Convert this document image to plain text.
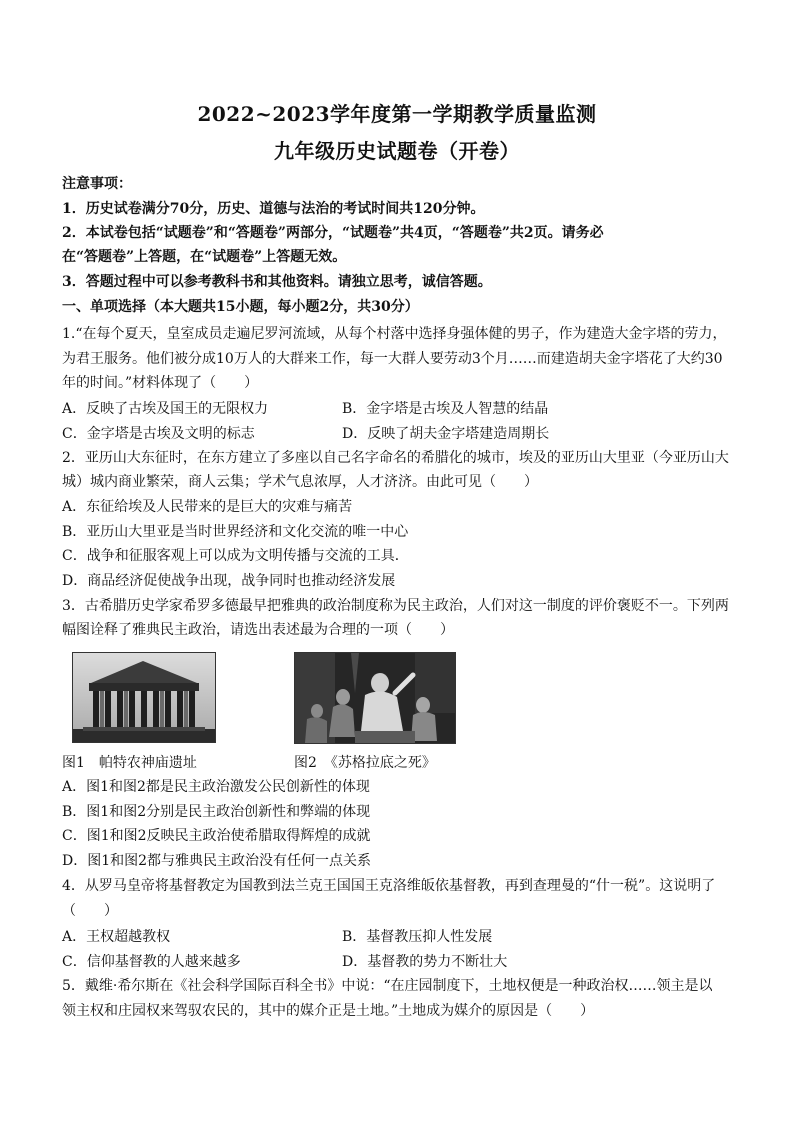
2022~2023学年度第一学期教学质量监测
九年级历史试题卷（开卷）
注意事项：
1．历史试卷满分70分，历史、道德与法治的考试时间共120分钟。
2．本试卷包括“试题卷”和“答题卷”两部分，“试题卷”共4页，“答题卷”共2页。请务必
在“答题卷”上答题，在“试题卷”上答题无效。
3．答题过程中可以参考教科书和其他资料。请独立思考，诚信答题。
一、单项选择（本大题共15小题，每小题2分，共30分）
1.“在每个夏天，皇室成员走遍尼罗河流域，从每个村落中选择身强体健的男子，作为建造大金字塔的劳力，
为君王服务。他们被分成10万人的大群来工作，每一大群人要劳动3个月……而建造胡夫金字塔花了大约30
年的时间。”材料体现了（　　）
A．反映了古埃及国王的无限权力	B．金字塔是古埃及人智慧的结晶
C．金字塔是古埃及文明的标志	D．反映了胡夫金字塔建造周期长
2．亚历山大东征时，在东方建立了多座以自己名字命名的希腊化的城市，埃及的亚历山大里亚（今亚历山大
城）城内商业繁荣，商人云集；学术气息浓厚，人才济济。由此可见（　　）
A．东征给埃及人民带来的是巨大的灾难与痛苦
B．亚历山大里亚是当时世界经济和文化交流的唯一中心
C．战争和征服客观上可以成为文明传播与交流的工具．
D．商品经济促使战争出现，战争同时也推动经济发展
3．古希腊历史学家希罗多德最早把雅典的政治制度称为民主政治，人们对这一制度的评价褒贬不一。下列两
幅图诠释了雅典民主政治，请选出表述最为合理的一项（　　）
图1　帕特农神庙遗址	图2　《苏格拉底之死》
A．图1和图2都是民主政治激发公民创新性的体现
B．图1和图2分别是民主政治创新性和弊端的体现
C．图1和图2反映民主政治使希腊取得辉煌的成就
D．图1和图2都与雅典民主政治没有任何一点关系
4．从罗马皇帝将基督教定为国教到法兰克王国国王克洛维皈依基督教，再到查理曼的“什一税”。这说明了
（　　）
A．王权超越教权	B．基督教压抑人性发展
C．信仰基督教的人越来越多	D．基督教的势力不断壮大
5．戴维·希尔斯在《社会科学国际百科全书》中说：“在庄园制度下，土地权便是一种政治权……领主是以
领主权和庄园权来驾驭农民的，其中的媒介正是土地。”土地成为媒介的原因是（　　）
